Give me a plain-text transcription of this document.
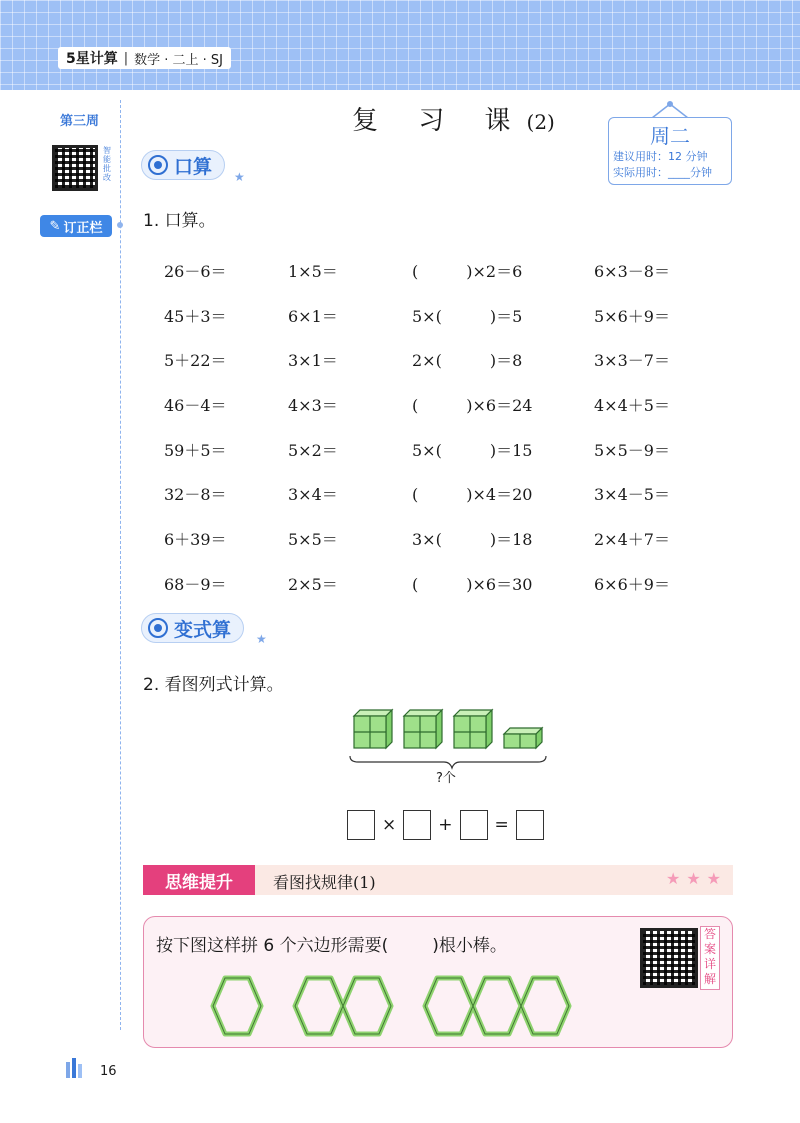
5星计算 | 数学 · 二上 · SJ
第三周
智能批改
✎ 订正栏
复 习 课(2)
周二
建议用时：12 分钟
实际用时：____分钟
口算 ★
1. 口算。
26－6＝	1×5＝	(　　　)×2＝6	6×3－8＝
45＋3＝	6×1＝	5×(　　　)＝5	5×6＋9＝
5＋22＝	3×1＝	2×(　　　)＝8	3×3－7＝
46－4＝	4×3＝	(　　　)×6＝24	4×4＋5＝
59＋5＝	5×2＝	5×(　　　)＝15	5×5－9＝
32－8＝	3×4＝	(　　　)×4＝20	3×4－5＝
6＋39＝	5×5＝	3×(　　　)＝18	2×4＋7＝
68－9＝	2×5＝	(　　　)×6＝30	6×6＋9＝
变式算 ★
2. 看图列式计算。
?个
× + =
思维提升	看图找规律(1)	★★★
按下图这样拼 6 个六边形需要(	)根小棒。
答案详解
16
